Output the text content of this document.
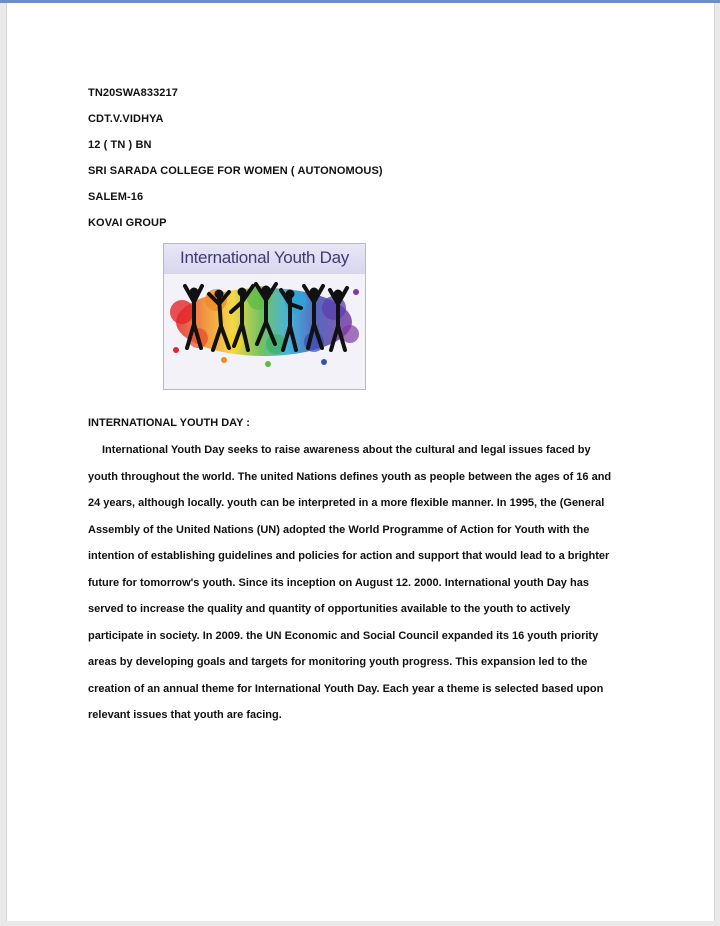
TN20SWA833217
CDT.V.VIDHYA
12 ( TN ) BN
SRI SARADA COLLEGE FOR WOMEN ( AUTONOMOUS)
SALEM-16
KOVAI GROUP
International Youth Day
INTERNATIONAL YOUTH DAY :
International Youth Day seeks to raise awareness about the cultural and legal issues faced by
youth throughout the world. The united Nations defines youth as people between the ages of 16 and
24 years, although locally. youth can be interpreted in a more flexible manner. In 1995, the (General
Assembly of the United Nations (UN) adopted the World Programme of Action for Youth with the
intention of establishing guidelines and policies for action and support that would lead to a brighter
future for tomorrow's youth. Since its inception on August 12. 2000. International youth Day has
served to increase the quality and quantity of opportunities available to the youth to actively
participate in society. In 2009. the UN Economic and Social Council expanded its 16 youth priority
areas by developing goals and targets for monitoring youth progress. This expansion led to the
creation of an annual theme for International Youth Day. Each year a theme is selected based upon
relevant issues that youth are facing.
